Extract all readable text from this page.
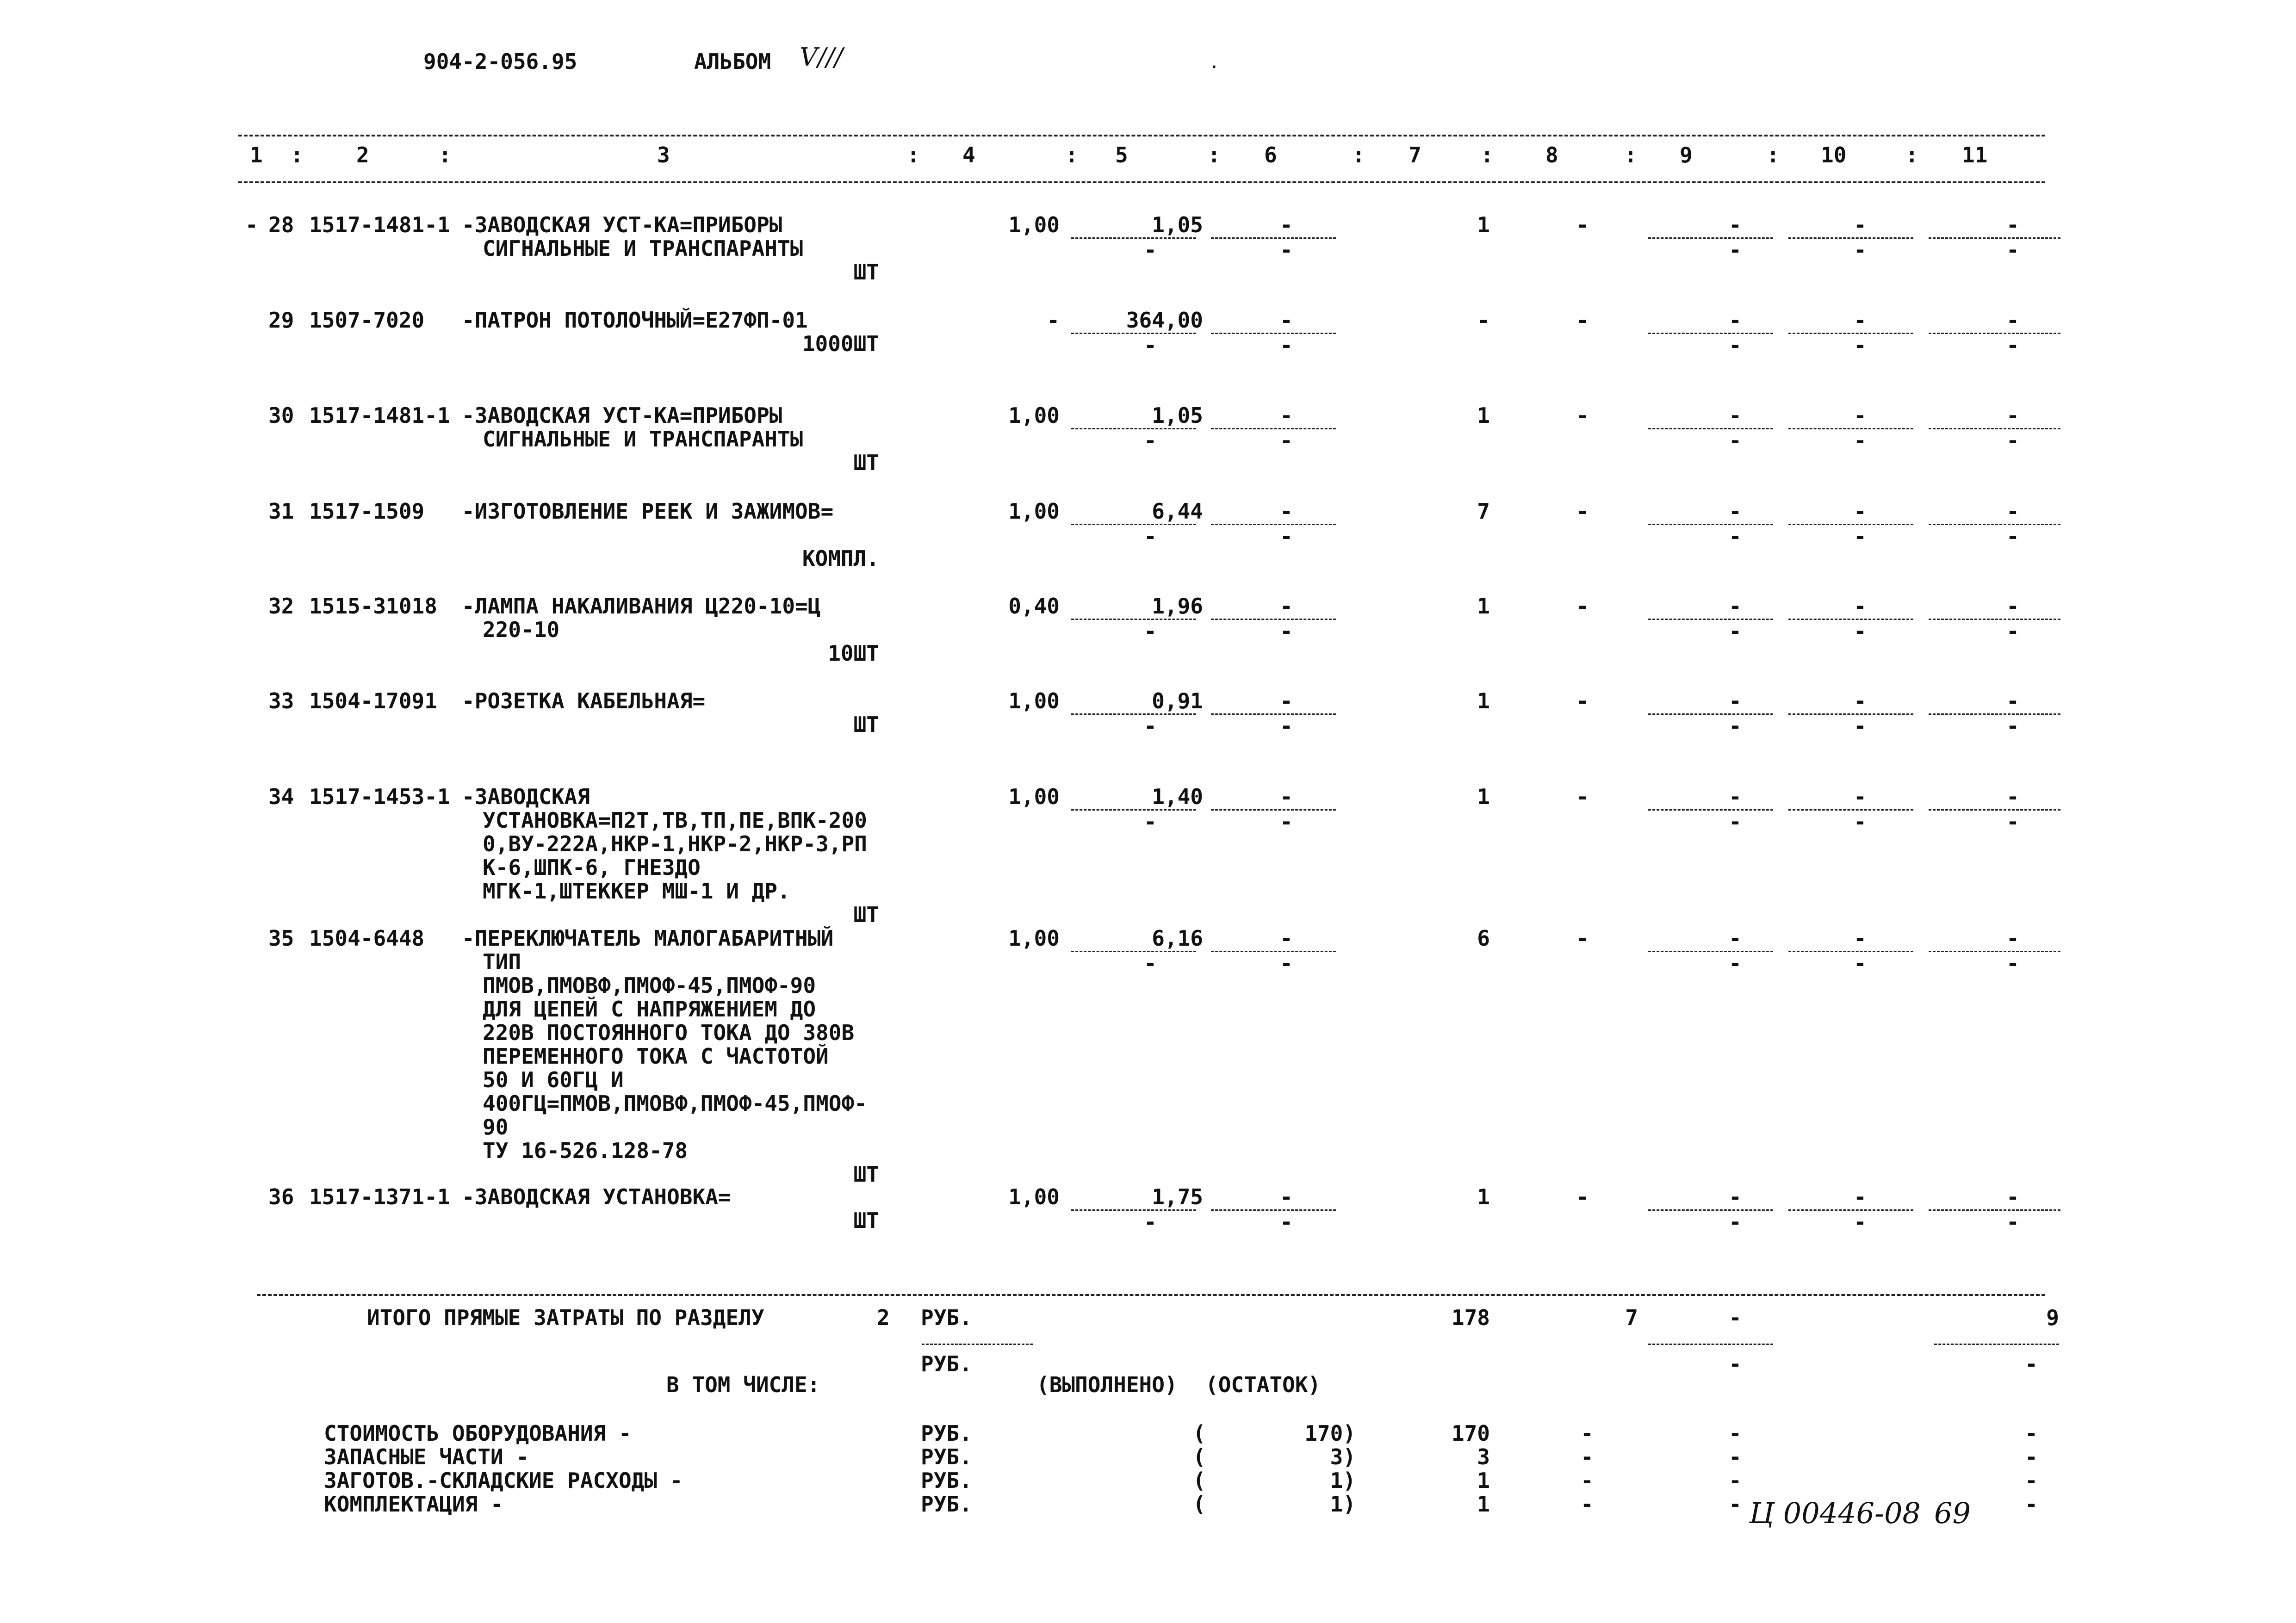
904-2-056.95	АЛЬБОМ V///	.
1 : 2	:	3	: 4	: 5	: 6	: 7	: 8	: 9	: 10	: 11
- 28 1517-1481-1 -ЗАВОДСКАЯ УСТ-КА=ПРИБОРЫ
СИГНАЛЬНЫЕ И ТРАНСПАРАНТЫ
ШТ
1,00	1,05	-	1	-	-	-	-
-	-	-	-	-
29 1507-7020 -ПАТРОН ПОТОЛОЧНЫЙ=Е27ФП-01
1000ШТ
-	364,00	-	-	-	-	-	-
-	-	-	-	-
30 1517-1481-1 -ЗАВОДСКАЯ УСТ-КА=ПРИБОРЫ
СИГНАЛЬНЫЕ И ТРАНСПАРАНТЫ
ШТ
1,00	1,05	-	1	-	-	-	-
-	-	-	-	-
31 1517-1509 -ИЗГОТОВЛЕНИЕ РЕЕК И ЗАЖИМОВ=
КОМПЛ.
1,00	6,44	-	7	-	-	-	-
-	-	-	-	-
32 1515-31018 -ЛАМПА НАКАЛИВАНИЯ Ц220-10=Ц
220-10
10ШТ
0,40	1,96	-	1	-	-	-	-
-	-	-	-	-
33 1504-17091 -РОЗЕТКА КАБЕЛЬНАЯ=
ШТ
1,00	0,91	-	1	-	-	-	-
-	-	-	-	-
34 1517-1453-1 -ЗАВОДСКАЯ
УСТАНОВКА=П2Т,ТВ,ТП,ПЕ,ВПК-200
0,ВУ-222А,НКР-1,НКР-2,НКР-3,РП
К-6,ШПК-6, ГНЕЗДО
МГК-1,ШТЕККЕР МШ-1 И ДР.
ШТ
1,00	1,40	-	1	-	-	-	-
-	-	-	-	-
35 1504-6448 -ПЕРЕКЛЮЧАТЕЛЬ МАЛОГАБАРИТНЫЙ
ТИП
ПМОВ,ПМОВФ,ПМОФ-45,ПМОФ-90
ДЛЯ ЦЕПЕЙ С НАПРЯЖЕНИЕМ ДО
220В ПОСТОЯННОГО ТОКА ДО 380В
ПЕРЕМЕННОГО ТОКА С ЧАСТОТОЙ
50 И 60ГЦ И
400ГЦ=ПМОВ,ПМОВФ,ПМОФ-45,ПМОФ-
90
ТУ 16-526.128-78
ШТ
1,00	6,16	-	6	-	-	-	-
-	-	-	-	-
36 1517-1371-1 -ЗАВОДСКАЯ УСТАНОВКА=
ШТ
1,00	1,75	-	1	-	-	-	-
-	-	-	-	-
ИТОГО ПРЯМЫЕ ЗАТРАТЫ ПО РАЗДЕЛУ	2 РУБ.	178	7	-	9
РУБ.	-	-
В ТОМ ЧИСЛЕ:	(ВЫПОЛНЕНО) (ОСТАТОК)
СТОИМОСТЬ ОБОРУДОВАНИЯ -	РУБ.	(	170)	170	-	-	-
ЗАПАСНЫЕ ЧАСТИ -	РУБ.	(	3)	3	-	-	-
ЗАГОТОВ.-СКЛАДСКИЕ РАСХОДЫ -	РУБ.	(	1)	1	-	-	-
КОМПЛЕКТАЦИЯ -	РУБ.	(	1)	1	-	-	-
Ц 00446-08 69
